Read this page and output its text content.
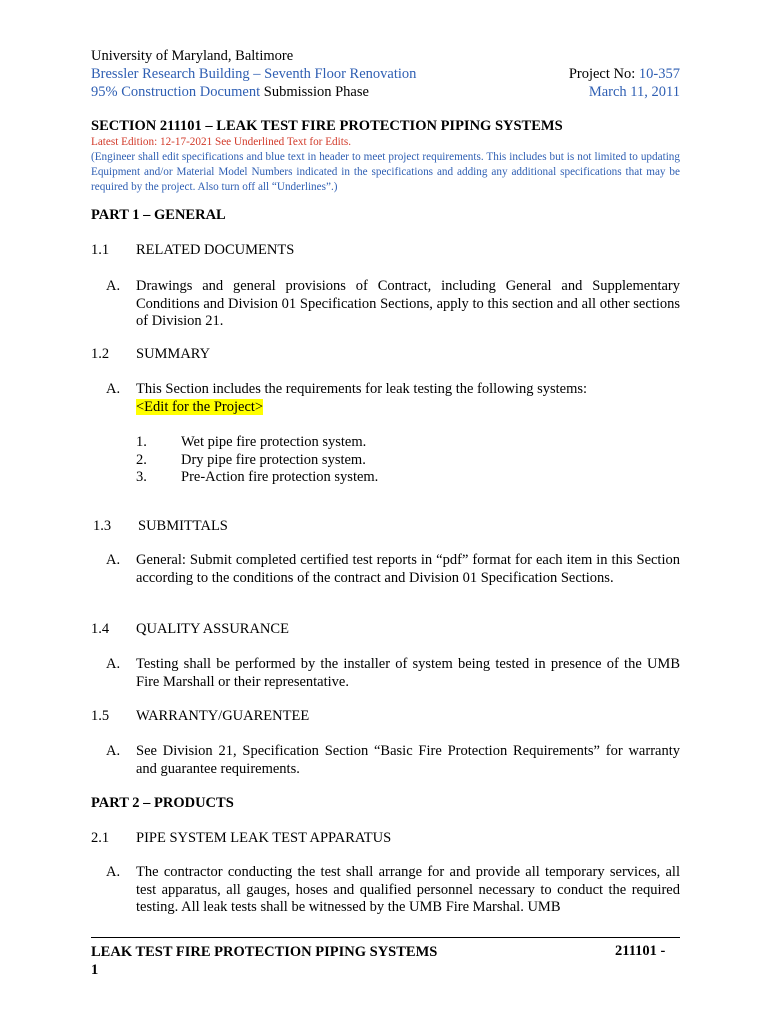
University of Maryland, Baltimore
Bressler Research Building – Seventh Floor Renovation
95% Construction Document Submission Phase
Project No: 10-357
March 11, 2011
SECTION 211101 – LEAK TEST FIRE PROTECTION PIPING SYSTEMS

Latest Edition: 12-17-2021 See Underlined Text for Edits.

(Engineer shall edit specifications and blue text in header to meet project requirements. This includes but is not limited to updating Equipment and/or Material Model Numbers indicated in the specifications and adding any additional specifications that may be required by the project. Also turn off all “Underlines”.)

PART 1 – GENERAL
1.1 RELATED DOCUMENTS
A. Drawings and general provisions of Contract, including General and Supplementary Conditions and Division 01 Specification Sections, apply to this section and all other sections of Division 21.
1.2 SUMMARY
A. This Section includes the requirements for leak testing the following systems:
<Edit for the Project>
1.	Wet pipe fire protection system.
2.	Dry pipe fire protection system.
3.	Pre-Action fire protection system.
1.3 SUBMITTALS
A. General: Submit completed certified test reports in “pdf” format for each item in this Section according to the conditions of the contract and Division 01 Specification Sections.
1.4 QUALITY ASSURANCE
A. Testing shall be performed by the installer of system being tested in presence of the UMB Fire Marshall or their representative.
1.5 WARRANTY/GUARENTEE
A. See Division 21, Specification Section “Basic Fire Protection Requirements” for warranty and guarantee requirements.
PART 2 – PRODUCTS
2.1 PIPE SYSTEM LEAK TEST APPARATUS
A. The contractor conducting the test shall arrange for and provide all temporary services, all test apparatus, all gauges, hoses and qualified personnel necessary to conduct the required testing. All leak tests shall be witnessed by the UMB Fire Marshal. UMB
LEAK TEST FIRE PROTECTION PIPING SYSTEMS
1
211101 -
